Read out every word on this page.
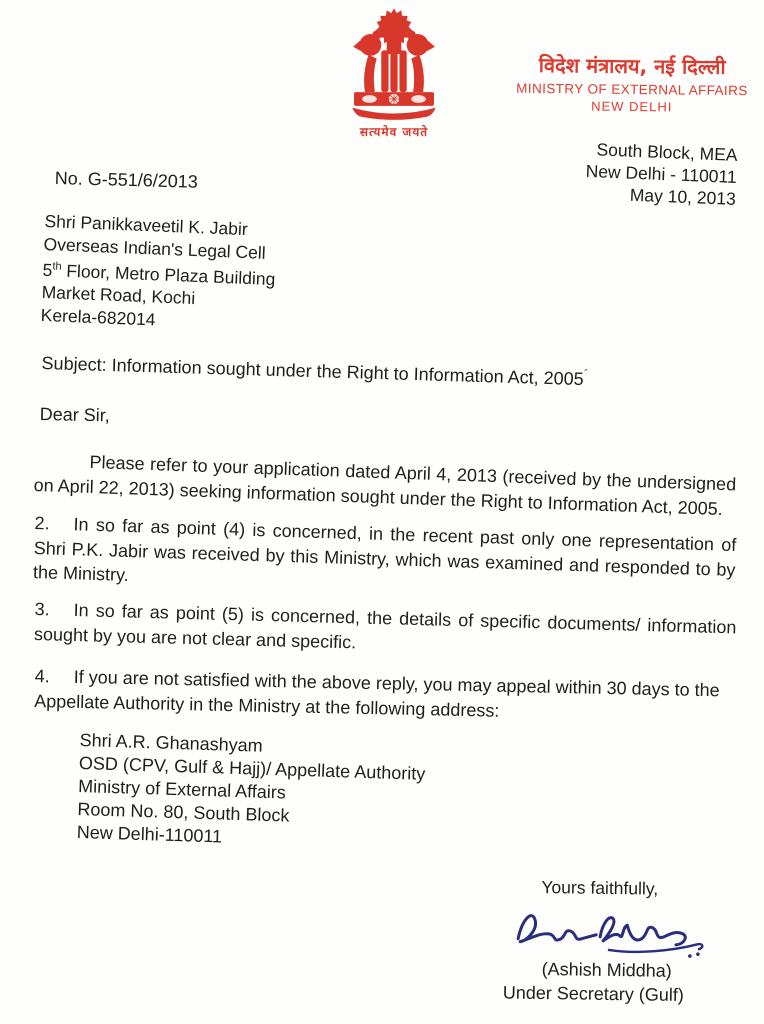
सत्यमेव जयते
विदेश मंत्रालय, नई दिल्ली
MINISTRY OF EXTERNAL AFFAIRS
NEW DELHI
No. G-551/6/2013
South Block, MEA
New Delhi - 110011
May 10, 2013
Shri Panikkaveetil K. Jabir
Overseas Indian's Legal Cell
5th Floor, Metro Plaza Building
Market Road, Kochi
Kerela-682014
Subject: Information sought under the Right to Information Act, 2005´
Dear Sir,

Please refer to your application dated April 4, 2013 (received by the undersigned on April 22, 2013) seeking information sought under the Right to Information Act, 2005.

2. In so far as point (4) is concerned, in the recent past only one representation of Shri P.K. Jabir was received by this Ministry, which was examined and responded to by the Ministry.

3. In so far as point (5) is concerned, the details of specific documents/ information sought by you are not clear and specific.

4. If you are not satisfied with the above reply, you may appeal within 30 days to the Appellate Authority in the Ministry at the following address:

Shri A.R. Ghanashyam
OSD (CPV, Gulf & Hajj)/ Appellate Authority
Ministry of External Affairs
Room No. 80, South Block
New Delhi-110011
Yours faithfully,
(Ashish Middha)
Under Secretary (Gulf)
